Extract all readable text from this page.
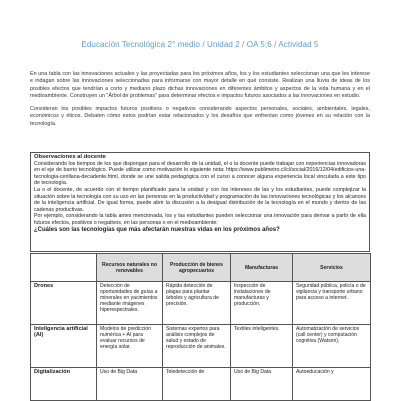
Educación Tecnológica 2° medio / Unidad 2 / OA 5;6 / Actividad 5

En una tabla con las innovaciones actuales y las proyectadas para los próximos años, los y los estudiantes seleccionan una que les interese e indagan sobre las innovaciones seleccionadas para informarse con mayor detalle en qué consiste. Realizan una lluvia de ideas de los posibles efectos que tendrían a corto y mediano plazo dichas innovaciones en diferentes ámbitos y aspectos de la vida humana y en el medioambiente. Construyen un "Árbol de problemas" para determinar efectos e impactos futuros asociados a las innovaciones en estudio.

Consideran los posibles impactos futuros positivos o negativos considerando aspectos personales, sociales, ambientales, legales, económicos y éticos. Debaten cómo estos podrían estar relacionados y los desafíos que enfrentan como jóvenes en su relación con la tecnología.

Observaciones al docente

Considerando los tiempos de los que dispongan para el desarrollo de la unidad, el o la docente puede trabajar con experiencias innovadoras en el eje de barrio tecnológico. Puede utilizar como motivación lo siguiente nota: https://www.publimetro.cl/cl/social/2016/12/04/edificios-una-tecnologia-cerillana-decadente.html, donde se une salida pedagógica con el curso a conocer alguna experiencia local vinculada a este tipo de tecnología.

La o el docente, de acuerdo con el tiempo planificado para la unidad y con los intereses de las y los estudiantes, puede complejizar la situación sobre la tecnología con su uso en las personas en la productividad y programación de las innovaciones tecnológicas y los alcances de la inteligencia artificial. De igual forma, puede abrir la discusión a la desigual distribución de la tecnología en el mundo y dentro de las cadenas productivas.

Por ejemplo, considerando la tabla antes mencionada, los y las estudiantes pueden seleccionar una innovación para derivar a partir de ella futuros efectos, positivos o negativos, en las personas o en el medioambiente:

¿Cuáles son las tecnologías que más afectarán nuestras vidas en los próximos años?

	Recursos naturales no renovables	Producción de bienes agropecuarios	Manufacturas	Servicios
Drones	Detección de oportunidades de guías a minerales en yacimientos mediante imágenes hiperespectrales.	Rápida detección de plagas para plantar árboles y agricultura de precisión.	Inspección de instalaciones de manufacturas y producción.	Seguridad pública, policía o de vigilancia y transporte urbano para acceso a internet.
Inteligencia artificial (AI)	Modelos de predicción numérica + AI para evaluar recursos de energía solar.	Sistemas expertos para análisis complejos de salud y estado de reproducción de animales.	Textiles inteligentes.	Automatización de servicios (call center) y computación cognitiva (Watson).
Digitalización	Uso de Big Data	Teledetección de	Uso de Big Data	Autoeducación y
